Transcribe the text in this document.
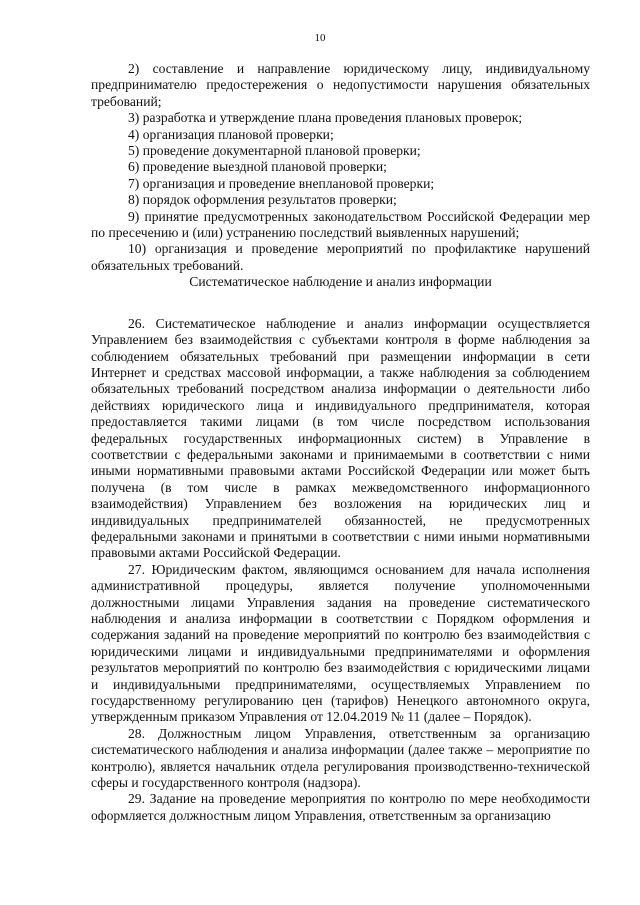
10

2) составление и направление юридическому лицу, индивидуальному предпринимателю предостережения о недопустимости нарушения обязательных требований;

3) разработка и утверждение плана проведения плановых проверок;

4) организация плановой проверки;

5) проведение документарной плановой проверки;

6) проведение выездной плановой проверки;

7) организация и проведение внеплановой проверки;

8) порядок оформления результатов проверки;

9) принятие предусмотренных законодательством Российской Федерации мер по пресечению и (или) устранению последствий выявленных нарушений;

10) организация и проведение мероприятий по профилактике нарушений обязательных требований.

Систематическое наблюдение и анализ информации

26. Систематическое наблюдение и анализ информации осуществляется Управлением без взаимодействия с субъектами контроля в форме наблюдения за соблюдением обязательных требований при размещении информации в сети Интернет и средствах массовой информации, а также наблюдения за соблюдением обязательных требований посредством анализа информации о деятельности либо действиях юридического лица и индивидуального предпринимателя, которая предоставляется такими лицами (в том числе посредством использования федеральных государственных информационных систем) в Управление в соответствии с федеральными законами и принимаемыми в соответствии с ними иными нормативными правовыми актами Российской Федерации или может быть получена (в том числе в рамках межведомственного информационного взаимодействия) Управлением без возложения на юридических лиц и индивидуальных предпринимателей обязанностей, не предусмотренных федеральными законами и принятыми в соответствии с ними иными нормативными правовыми актами Российской Федерации.

27. Юридическим фактом, являющимся основанием для начала исполнения административной процедуры, является получение уполномоченными должностными лицами Управления задания на проведение систематического наблюдения и анализа информации в соответствии с Порядком оформления и содержания заданий на проведение мероприятий по контролю без взаимодействия с юридическими лицами и индивидуальными предпринимателями и оформления результатов мероприятий по контролю без взаимодействия с юридическими лицами и индивидуальными предпринимателями, осуществляемых Управлением по государственному регулированию цен (тарифов) Ненецкого автономного округа, утвержденным приказом Управления от 12.04.2019 № 11 (далее – Порядок).

28. Должностным лицом Управления, ответственным за организацию систематического наблюдения и анализа информации (далее также – мероприятие по контролю), является начальник отдела регулирования производственно-технической сферы и государственного контроля (надзора).

29. Задание на проведение мероприятия по контролю по мере необходимости оформляется должностным лицом Управления, ответственным за организацию
